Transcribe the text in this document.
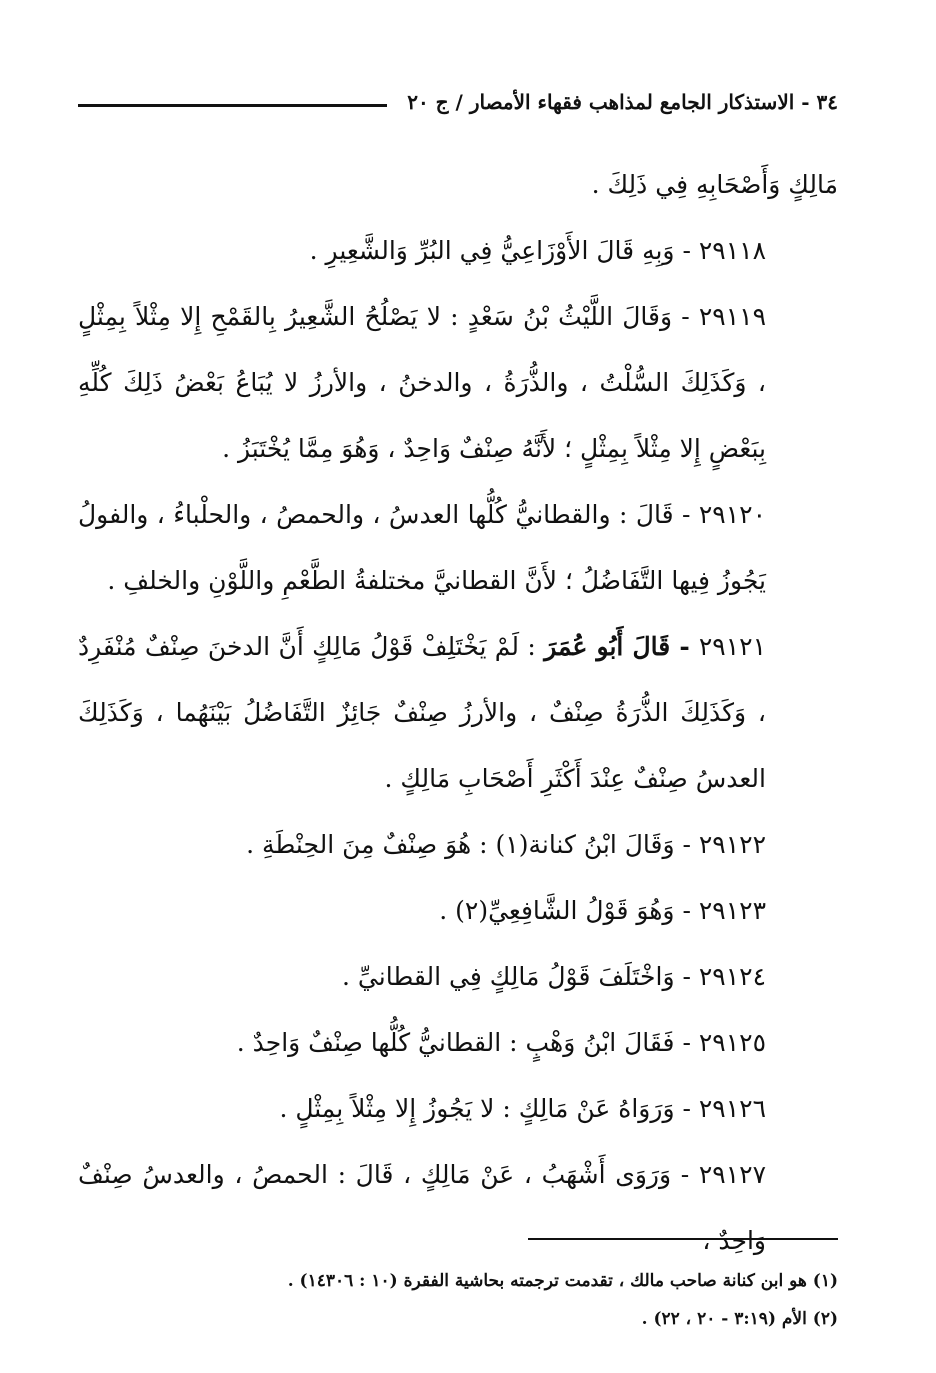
٣٤ - الاستذكار الجامع لمذاهب فقهاء الأمصار / ج ٢٠

مَالِكٍ وَأَصْحَابِهِ فِي ذَلِكَ .

٢٩١١٨ - وَبِهِ قَالَ الأَوْزَاعِيُّ فِي البُرِّ وَالشَّعِيرِ .

٢٩١١٩ - وَقَالَ اللَّيْثُ بْنُ سَعْدٍ : لا يَصْلُحُ الشَّعِيرُ بِالقَمْحِ إِلا مِثْلاً بِمِثْلٍ ، وَكَذَلِكَ السُّلْتُ ، والذُّرَةُ ، والدخنُ ، والأرزُ لا يُبَاعُ بَعْضُ ذَلِكَ كُلِّهِ بِبَعْضٍ إِلا مِثْلاً بِمِثْلٍ ؛ لأَنَّهُ صِنْفٌ وَاحِدٌ ، وَهُوَ مِمَّا يُخْتَبَزُ .

٢٩١٢٠ - قَالَ : والقطانيُّ كُلُّها العدسُ ، والحمصُ ، والحلْباءُ ، والفولُ يَجُوزُ فِيها التَّفَاضُلُ ؛ لأَنَّ القطانيَّ مختلفةُ الطَّعْمِ واللَّوْنِ والخلفِ .

٢٩١٢١ - قَالَ أَبُو عُمَرَ : لَمْ يَخْتَلِفْ قَوْلُ مَالِكٍ أَنَّ الدخنَ صِنْفٌ مُنْفَرِدٌ ، وَكَذَلِكَ الذُّرَةُ صِنْفٌ ، والأرزُ صِنْفٌ جَائِزٌ التَّفَاضُلُ بَيْنَهُما ، وَكَذَلِكَ العدسُ صِنْفٌ عِنْدَ أَكْثَرِ أَصْحَابِ مَالِكٍ .

٢٩١٢٢ - وَقَالَ ابْنُ كنانة(١) : هُوَ صِنْفٌ مِنَ الحِنْطَةِ .

٢٩١٢٣ - وَهُوَ قَوْلُ الشَّافِعِيِّ(٢) .

٢٩١٢٤ - وَاخْتَلَفَ قَوْلُ مَالِكٍ فِي القطانيِّ .

٢٩١٢٥ - فَقَالَ ابْنُ وَهْبٍ : القطانيُّ كُلُّها صِنْفٌ وَاحِدٌ .

٢٩١٢٦ - وَرَوَاهُ عَنْ مَالِكٍ : لا يَجُوزُ إِلا مِثْلاً بِمِثْلٍ .

٢٩١٢٧ - وَرَوَى أَشْهَبُ ، عَنْ مَالِكٍ ، قَالَ : الحمصُ ، والعدسُ صِنْفٌ وَاحِدٌ ،

(١) هو ابن كنانة صاحب مالك ، تقدمت ترجمته بحاشية الفقرة (١٠ : ١٤٣٠٦) .

(٢) الأم (٣:١٩ - ٢٠ ، ٢٢) .
